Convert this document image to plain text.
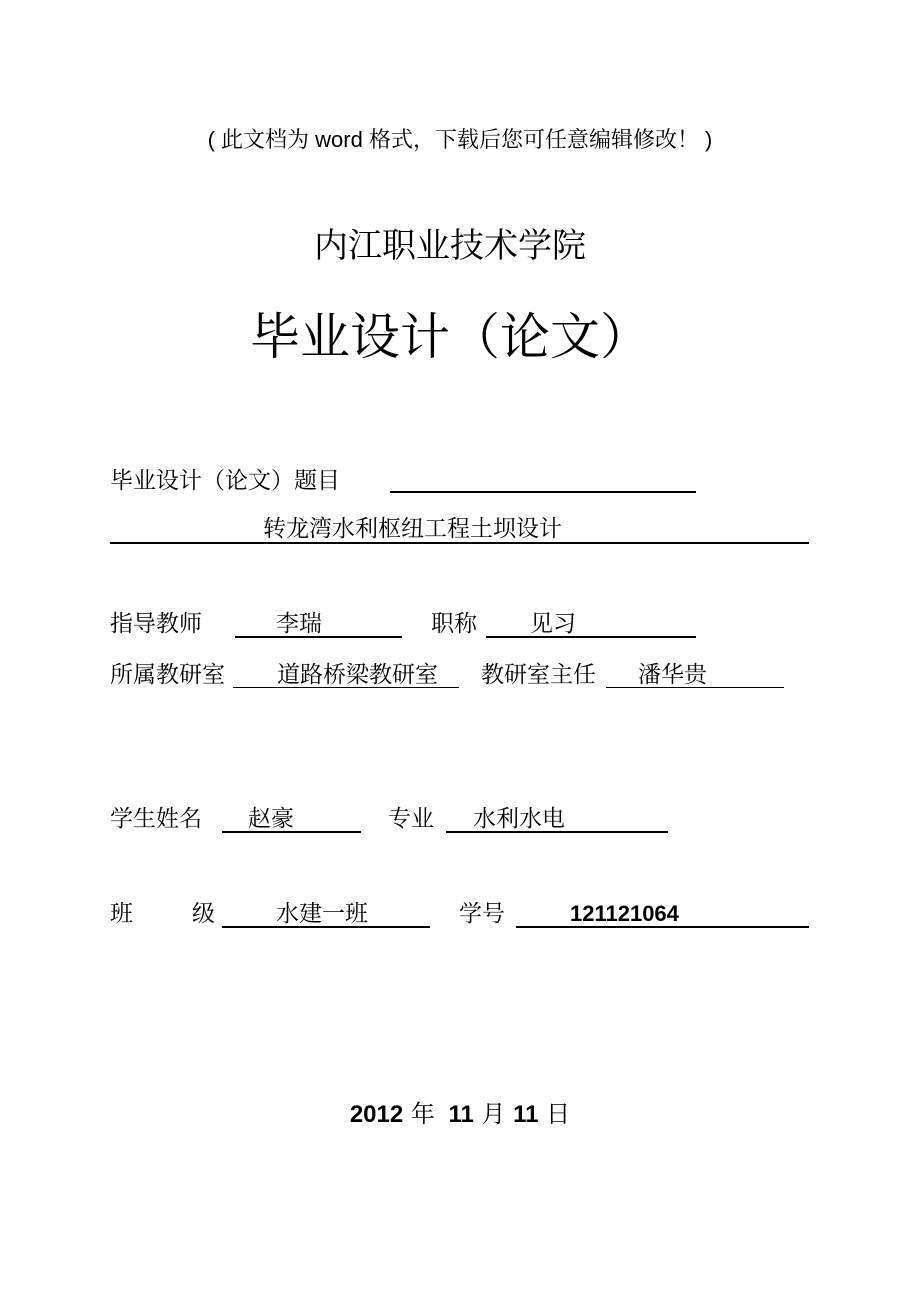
( 此文档为 word 格式，下载后您可任意编辑修改！ )
内江职业技术学院
毕业设计（论文）
毕业设计（论文）题目
转龙湾水利枢纽工程土坝设计
指导教师	李瑞	职称 见习
所属教研室 道路桥梁教研室 教研室主任 潘华贵
学生姓名 赵豪	专业 水利水电
班	级	水建一班	学号	121121064
2012 年 11 月 11 日
